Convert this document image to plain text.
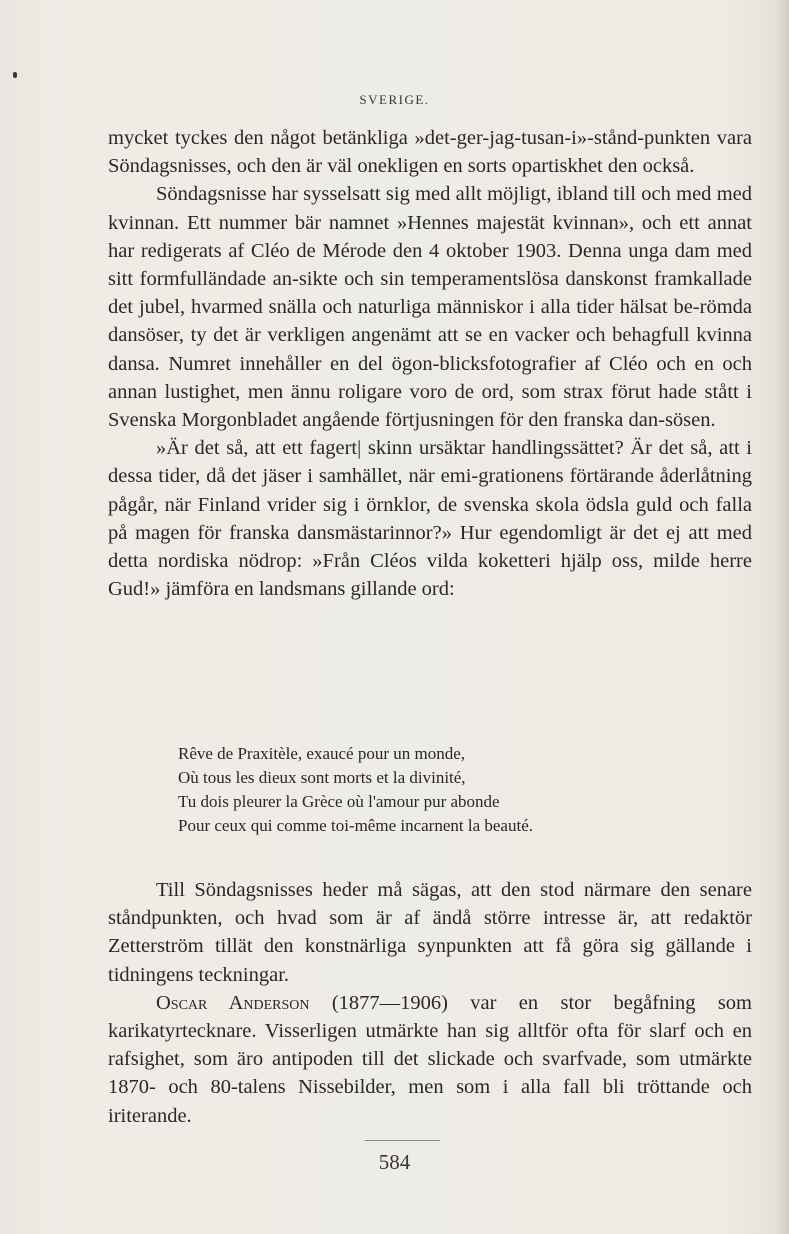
SVERIGE.

mycket tyckes den något betänkliga »det-ger-jag-tusan-i»-stånd-punkten vara Söndagsnisses, och den är väl onekligen en sorts opartiskhet den också.

Söndagsnisse har sysselsatt sig med allt möjligt, ibland till och med med kvinnan. Ett nummer bär namnet »Hennes majestät kvinnan», och ett annat har redigerats af Cléo de Mérode den 4 oktober 1903. Denna unga dam med sitt formfulländade an-sikte och sin temperamentslösa danskonst framkallade det jubel, hvarmed snälla och naturliga människor i alla tider hälsat be-römda dansöser, ty det är verkligen angenämt att se en vacker och behagfull kvinna dansa. Numret innehåller en del ögon-blicksfotografier af Cléo och en och annan lustighet, men ännu roligare voro de ord, som strax förut hade stått i Svenska Morgonbladet angående förtjusningen för den franska dan-sösen.

»Är det så, att ett fagert| skinn ursäktar handlingssättet? Är det så, att i dessa tider, då det jäser i samhället, när emi-grationens förtärande åderlåtning pågår, när Finland vrider sig i örnklor, de svenska skola ödsla guld och falla på magen för franska dansmästarinnor?» Hur egendomligt är det ej att med detta nordiska nödrop: »Från Cléos vilda koketteri hjälp oss, milde herre Gud!» jämföra en landsmans gillande ord:

Rêve de Praxitèle, exaucé pour un monde,
Où tous les dieux sont morts et la divinité,
Tu dois pleurer la Grèce où l'amour pur abonde
Pour ceux qui comme toi-même incarnent la beauté.

Till Söndagsnisses heder må sägas, att den stod närmare den senare ståndpunkten, och hvad som är af ändå större intresse är, att redaktör Zetterström tillät den konstnärliga synpunkten att få göra sig gällande i tidningens teckningar.

Oscar Anderson (1877—1906) var en stor begåfning som karikatyrtecknare. Visserligen utmärkte han sig alltför ofta för slarf och en rafsighet, som äro antipoden till det slickade och svarfvade, som utmärkte 1870- och 80-talens Nissebilder, men som i alla fall bli tröttande och iriterande.

584
